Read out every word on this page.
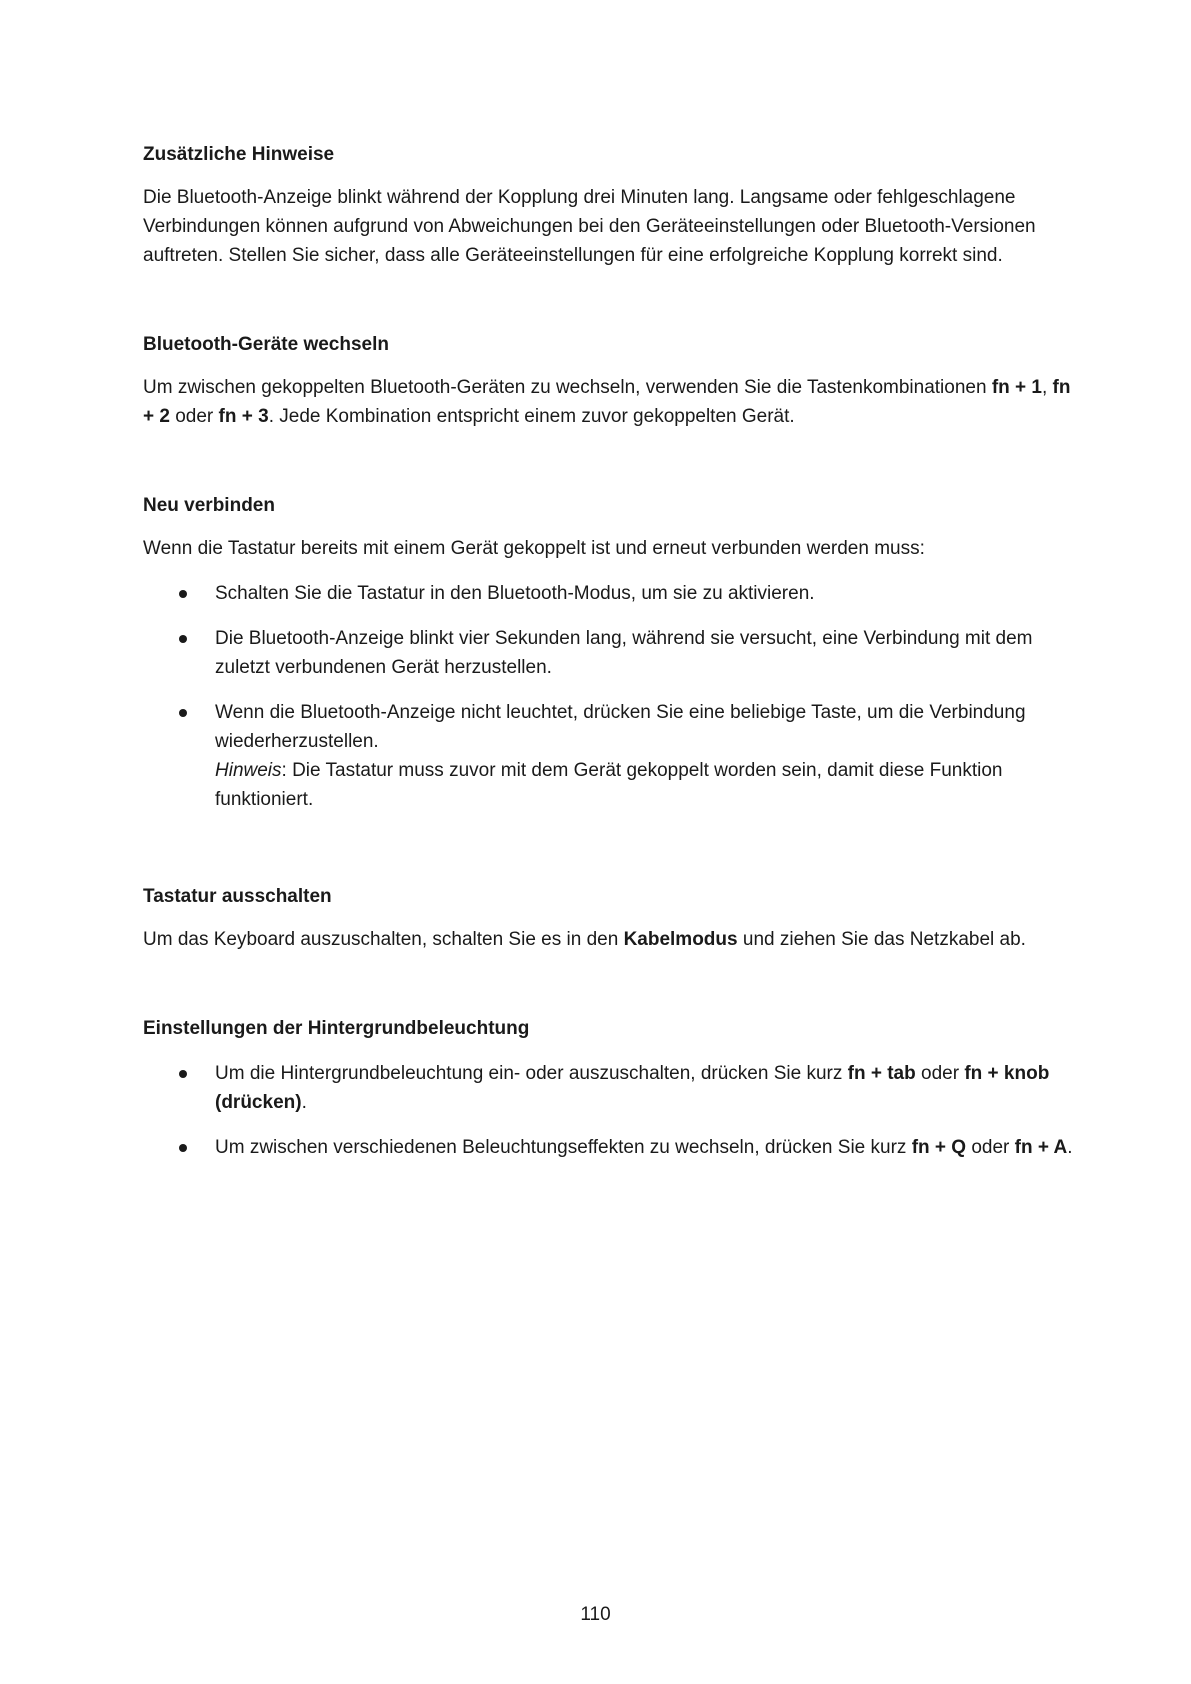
Zusätzliche Hinweise

Die Bluetooth-Anzeige blinkt während der Kopplung drei Minuten lang. Langsame oder fehlgeschlagene Verbindungen können aufgrund von Abweichungen bei den Geräteeinstellungen oder Bluetooth-Versionen auftreten. Stellen Sie sicher, dass alle Geräteeinstellungen für eine erfolgreiche Kopplung korrekt sind.

Bluetooth-Geräte wechseln

Um zwischen gekoppelten Bluetooth-Geräten zu wechseln, verwenden Sie die Tastenkombinationen fn + 1, fn + 2 oder fn + 3. Jede Kombination entspricht einem zuvor gekoppelten Gerät.

Neu verbinden

Wenn die Tastatur bereits mit einem Gerät gekoppelt ist und erneut verbunden werden muss:

Schalten Sie die Tastatur in den Bluetooth-Modus, um sie zu aktivieren.
Die Bluetooth-Anzeige blinkt vier Sekunden lang, während sie versucht, eine Verbindung mit dem zuletzt verbundenen Gerät herzustellen.
Wenn die Bluetooth-Anzeige nicht leuchtet, drücken Sie eine beliebige Taste, um die Verbindung wiederherzustellen.
Hinweis: Die Tastatur muss zuvor mit dem Gerät gekoppelt worden sein, damit diese Funktion funktioniert.

Tastatur ausschalten

Um das Keyboard auszuschalten, schalten Sie es in den Kabelmodus und ziehen Sie das Netzkabel ab.

Einstellungen der Hintergrundbeleuchtung

Um die Hintergrundbeleuchtung ein- oder auszuschalten, drücken Sie kurz fn + tab oder fn + knob (drücken).
Um zwischen verschiedenen Beleuchtungseffekten zu wechseln, drücken Sie kurz fn + Q oder fn + A.
110
